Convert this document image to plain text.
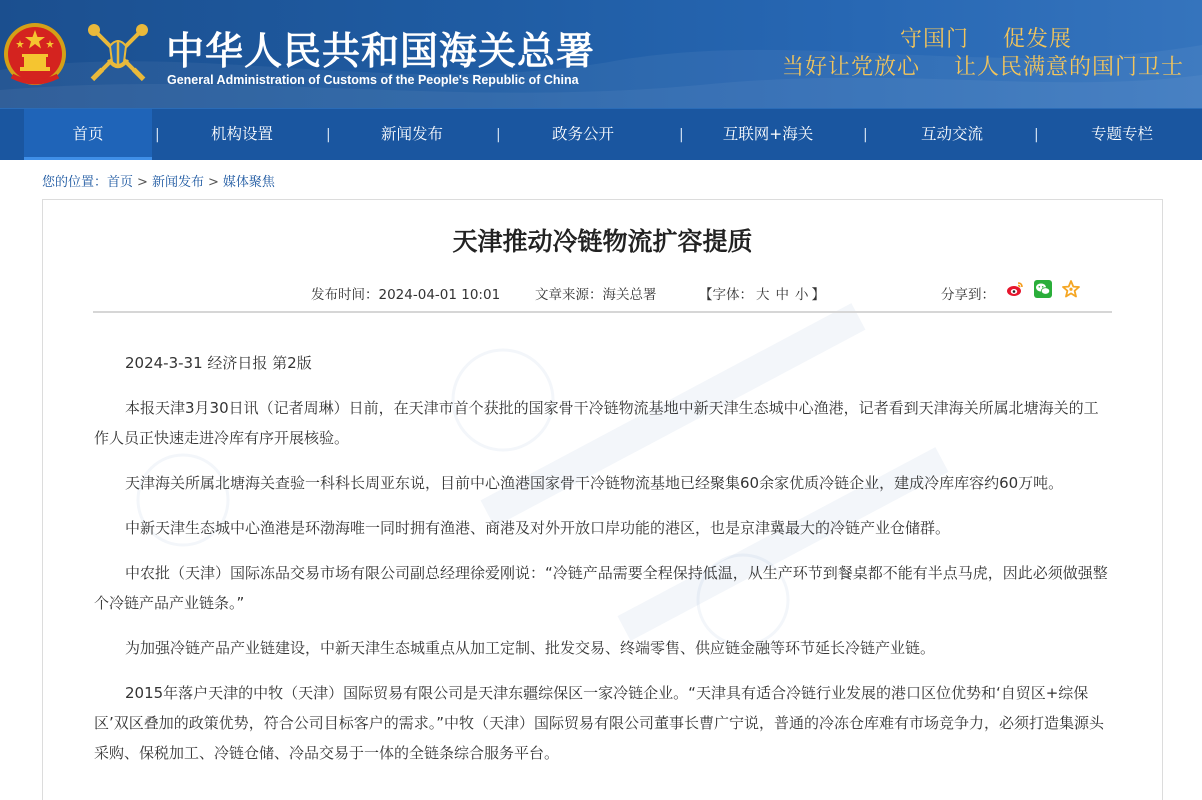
中华人民共和国海关总署
General Administration of Customs of the People's Republic of China
守国门 促发展
当好让党放心 让人民满意的国门卫士
首页	|	机构设置	|	新闻发布	|	政务公开	|	互联网+海关	|	互动交流	|	专题专栏
您的位置：首页 > 新闻发布 > 媒体聚焦
天津推动冷链物流扩容提质
发布时间：2024-04-01 10:01	文章来源：海关总署	【字体： 大 中 小 】	分享到：

2024-3-31 经济日报 第2版

本报天津3月30日讯（记者周琳）日前，在天津市首个获批的国家骨干冷链物流基地中新天津生态城中心渔港，记者看到天津海关所属北塘海关的工作人员正快速走进冷库有序开展核验。

天津海关所属北塘海关查验一科科长周亚东说，目前中心渔港国家骨干冷链物流基地已经聚集60余家优质冷链企业，建成冷库库容约60万吨。

中新天津生态城中心渔港是环渤海唯一同时拥有渔港、商港及对外开放口岸功能的港区，也是京津冀最大的冷链产业仓储群。

中农批（天津）国际冻品交易市场有限公司副总经理徐爱刚说：“冷链产品需要全程保持低温，从生产环节到餐桌都不能有半点马虎，因此必须做强整个冷链产品产业链条。”

为加强冷链产品产业链建设，中新天津生态城重点从加工定制、批发交易、终端零售、供应链金融等环节延长冷链产业链。

2015年落户天津的中牧（天津）国际贸易有限公司是天津东疆综保区一家冷链企业。“天津具有适合冷链行业发展的港口区位优势和‘自贸区+综保区’双区叠加的政策优势，符合公司目标客户的需求。”中牧（天津）国际贸易有限公司董事长曹广宁说，普通的冷冻仓库难有市场竞争力，必须打造集源头采购、保税加工、冷链仓储、冷品交易于一体的全链条综合服务平台。
